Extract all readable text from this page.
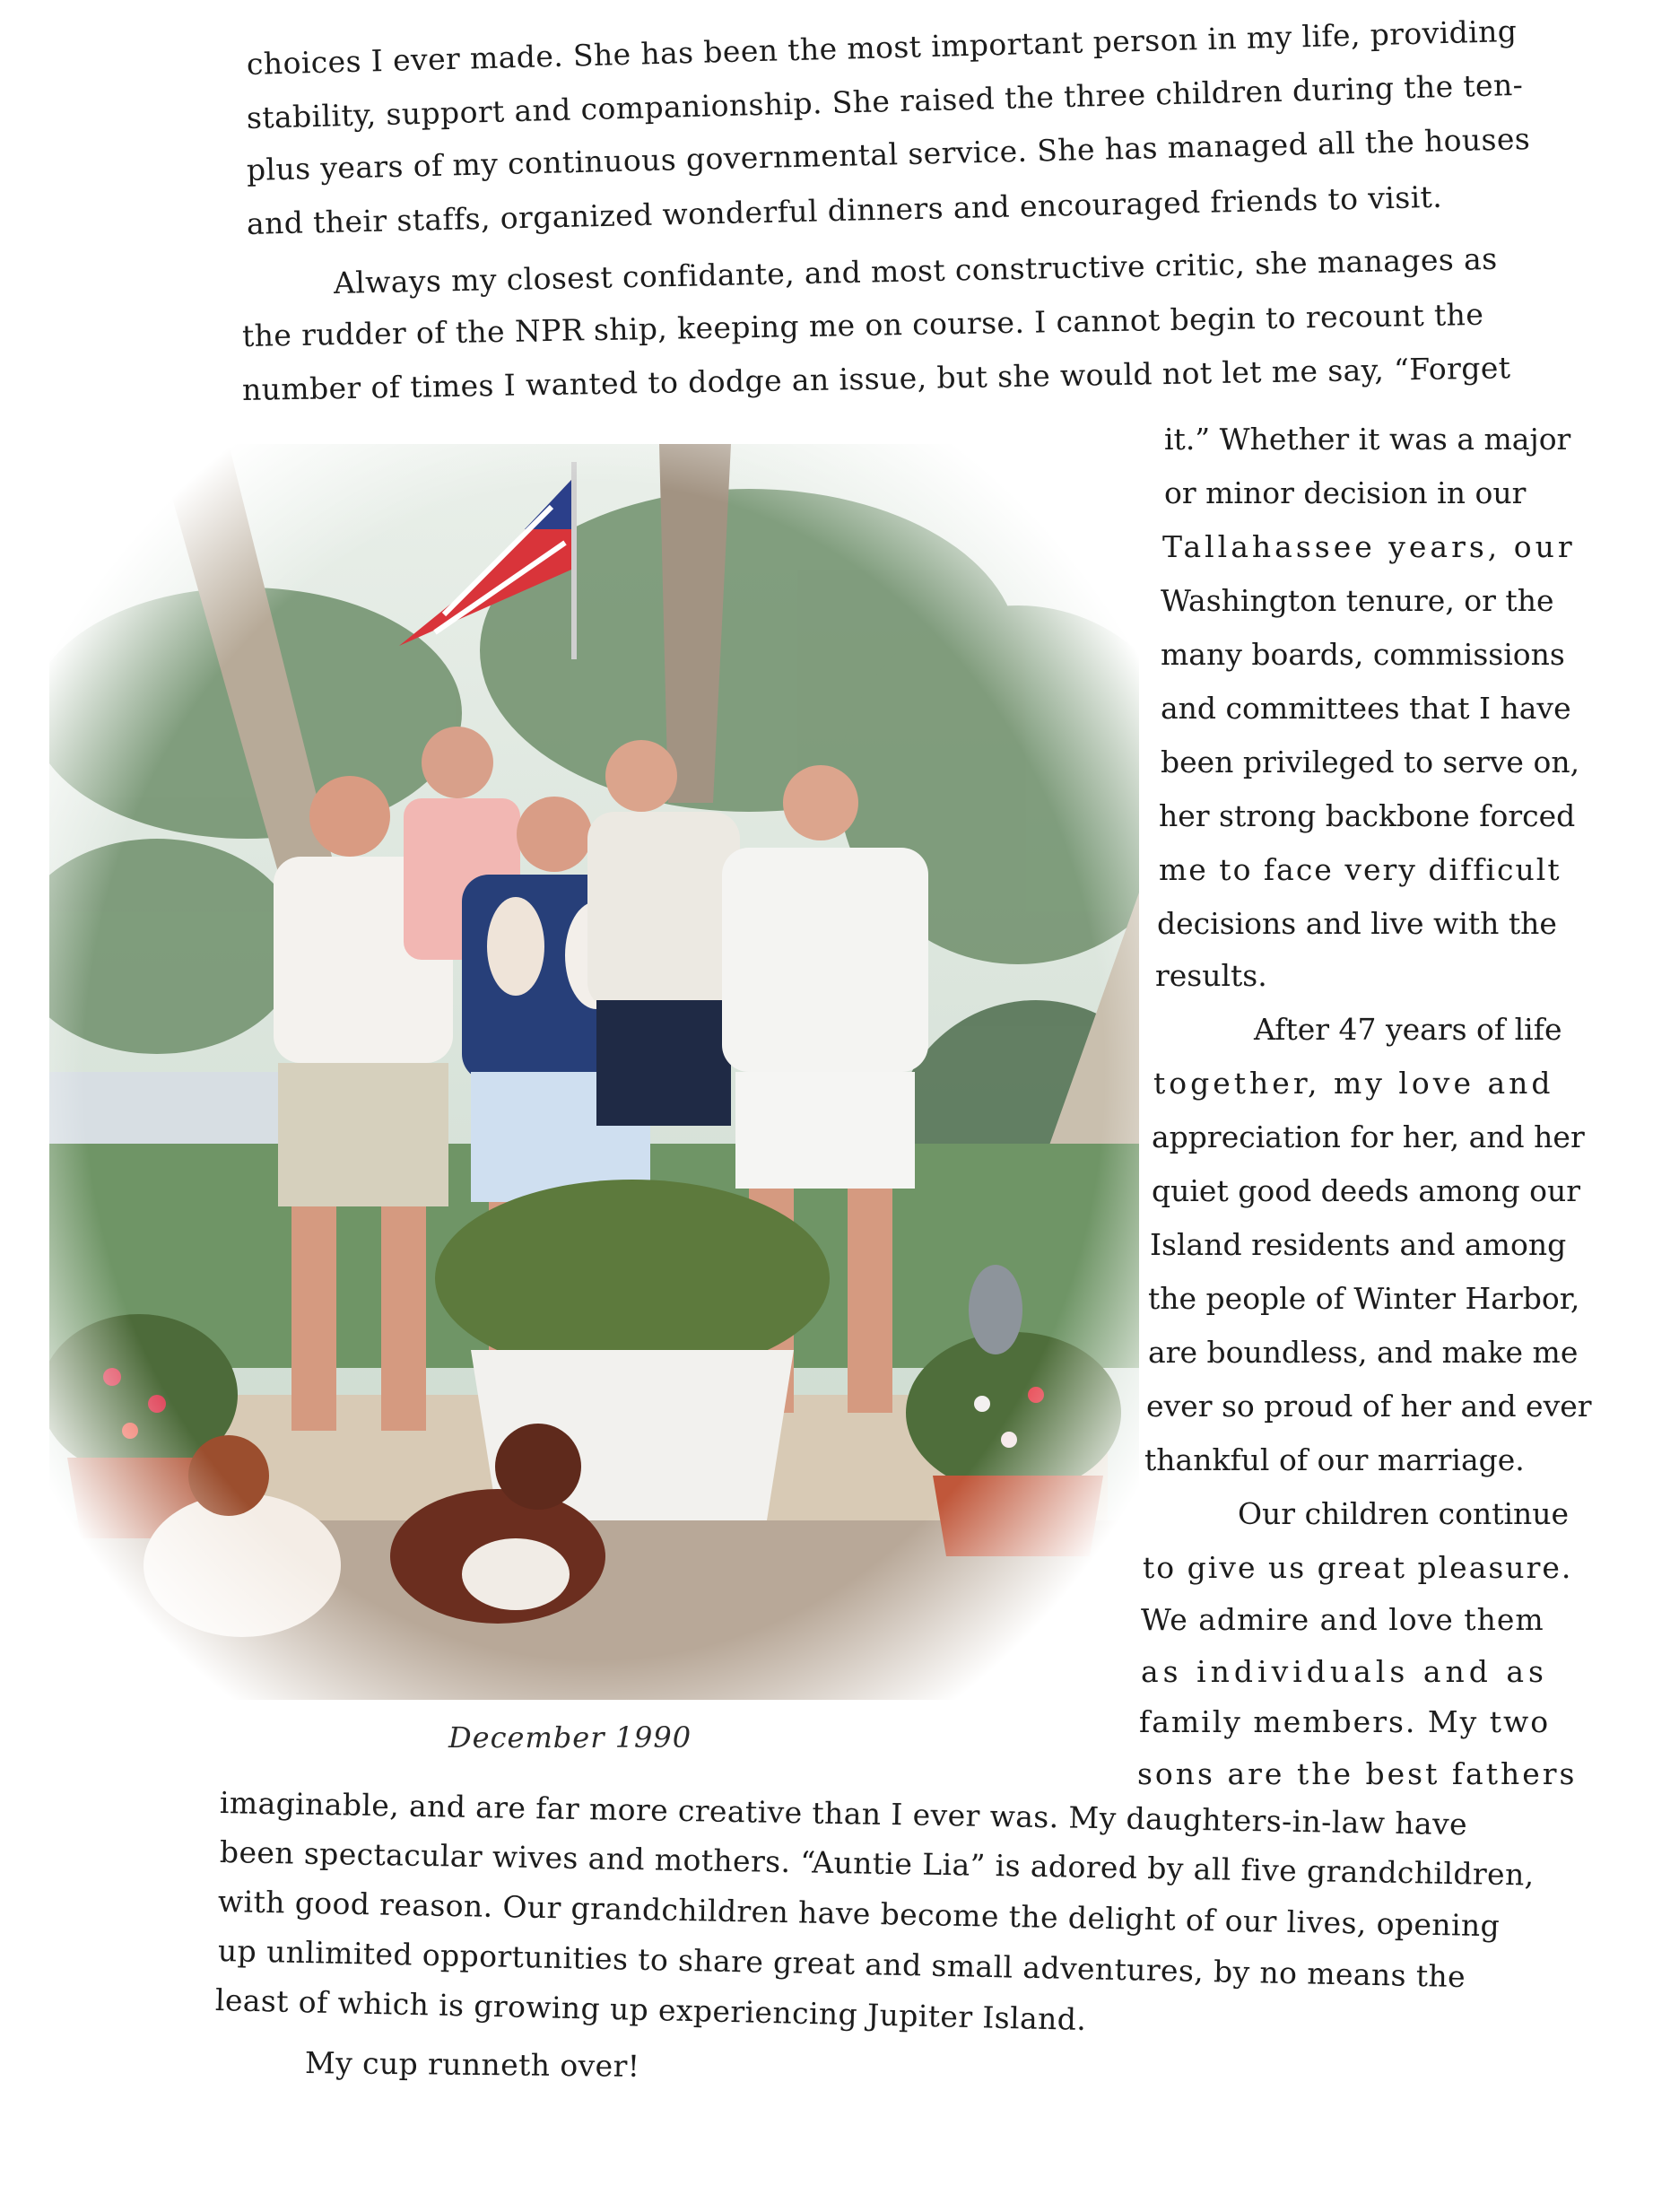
choices I ever made. She has been the most important person in my life, providing
stability, support and companionship. She raised the three children during the ten-
plus years of my continuous governmental service. She has managed all the houses
and their staffs, organized wonderful dinners and encouraged friends to visit.
Always my closest confidante, and most constructive critic, she manages as
the rudder of the NPR ship, keeping me on course. I cannot begin to recount the
number of times I wanted to dodge an issue, but she would not let me say, “Forget
December 1990
it.” Whether it was a major
or minor decision in our
Tallahassee years, our
Washington tenure, or the
many boards, commissions
and committees that I have
been privileged to serve on,
her strong backbone forced
me to face very difficult
decisions and live with the
results.
After 47 years of life
together, my love and
appreciation for her, and her
quiet good deeds among our
Island residents and among
the people of Winter Harbor,
are boundless, and make me
ever so proud of her and ever
thankful of our marriage.
Our children continue
to give us great pleasure.
We admire and love them
as individuals and as
family members. My two
sons are the best fathers
imaginable, and are far more creative than I ever was. My daughters-in-law have
been spectacular wives and mothers. “Auntie Lia” is adored by all five grandchildren,
with good reason. Our grandchildren have become the delight of our lives, opening
up unlimited opportunities to share great and small adventures, by no means the
least of which is growing up experiencing Jupiter Island.
My cup runneth over!
